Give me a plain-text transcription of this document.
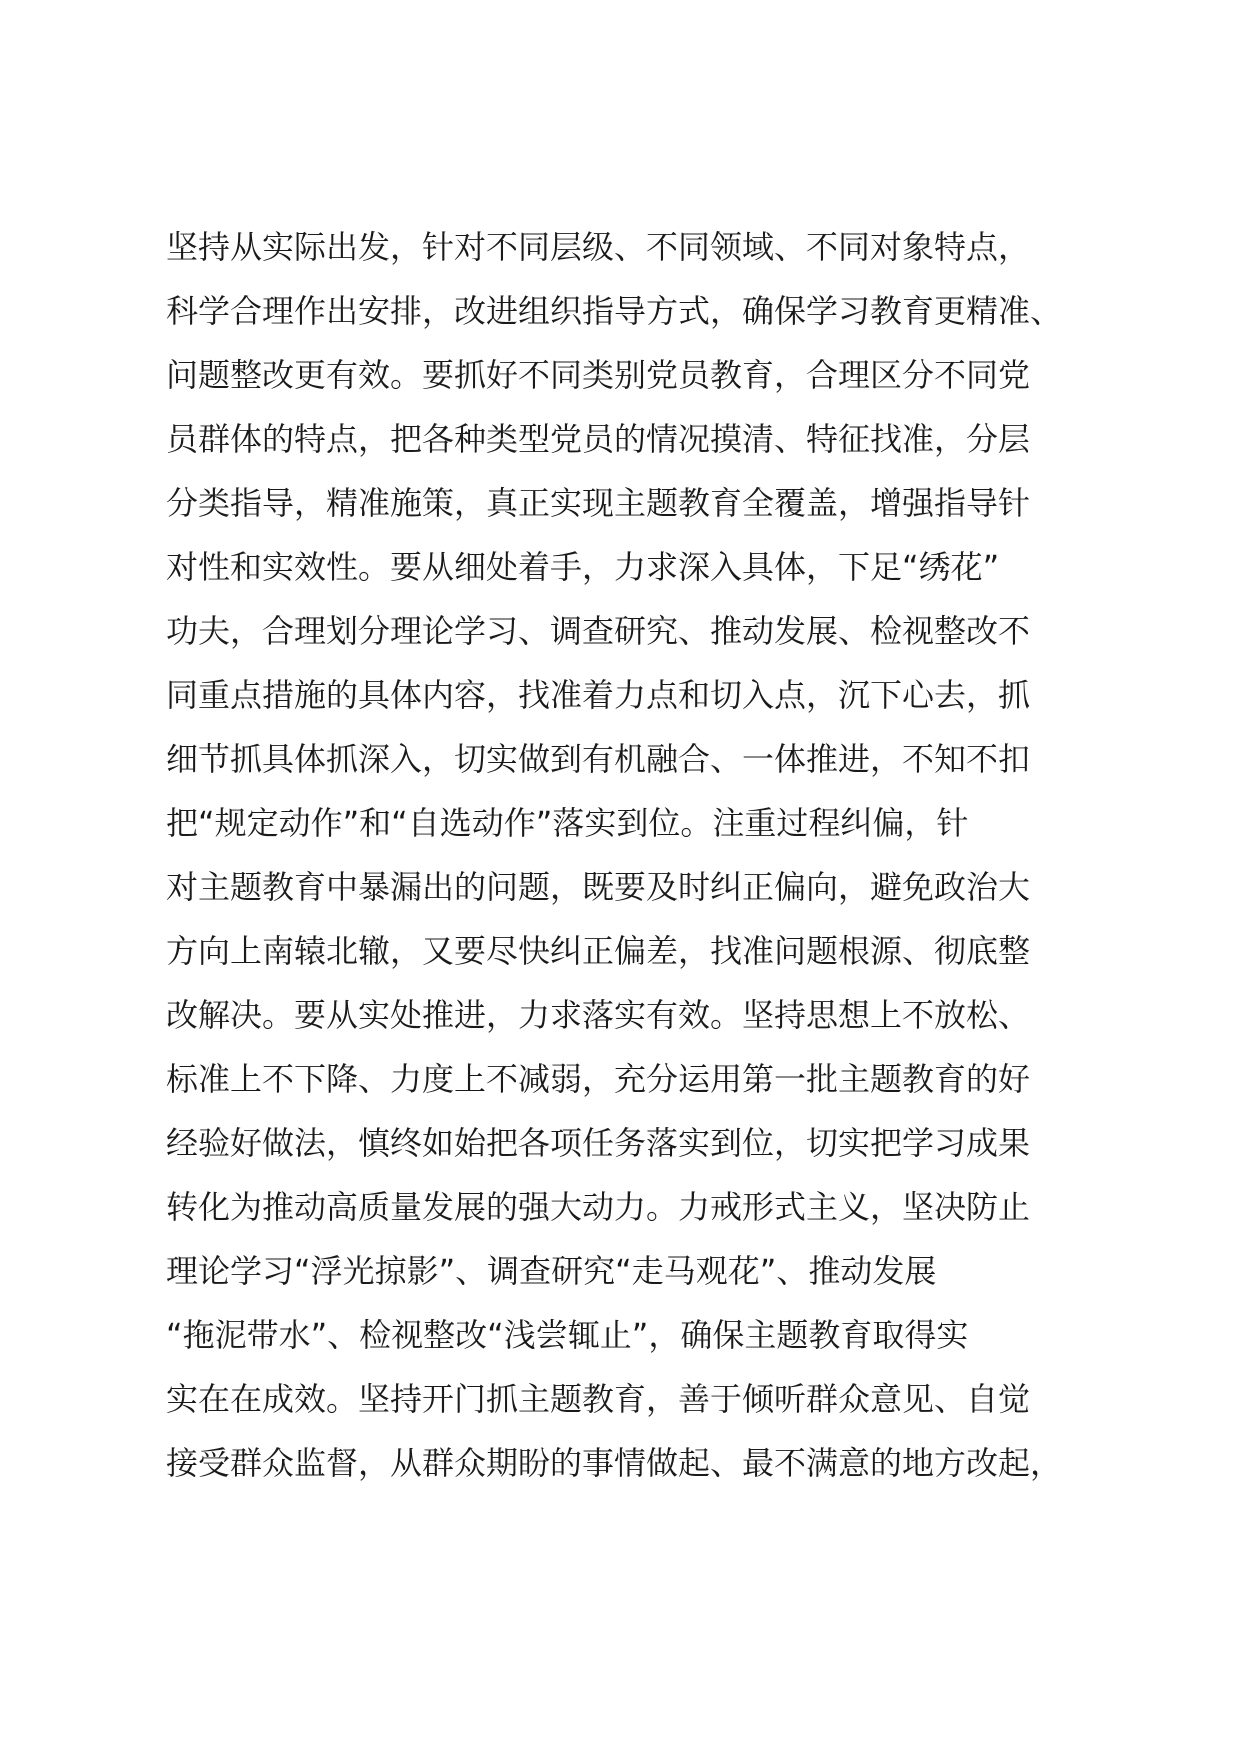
坚持从实际出发，针对不同层级、不同领域、不同对象特点，
科学合理作出安排，改进组织指导方式，确保学习教育更精准、
问题整改更有效。要抓好不同类别党员教育，合理区分不同党
员群体的特点，把各种类型党员的情况摸清、特征找准，分层
分类指导，精准施策，真正实现主题教育全覆盖，增强指导针
对性和实效性。要从细处着手，力求深入具体，下足“绣花”
功夫，合理划分理论学习、调查研究、推动发展、检视整改不
同重点措施的具体内容，找准着力点和切入点，沉下心去，抓
细节抓具体抓深入，切实做到有机融合、一体推进，不知不扣
把“规定动作”和“自选动作”落实到位。注重过程纠偏，针
对主题教育中暴漏出的问题，既要及时纠正偏向，避免政治大
方向上南辕北辙，又要尽快纠正偏差，找准问题根源、彻底整
改解决。要从实处推进，力求落实有效。坚持思想上不放松、
标准上不下降、力度上不减弱，充分运用第一批主题教育的好
经验好做法，慎终如始把各项任务落实到位，切实把学习成果
转化为推动高质量发展的强大动力。力戒形式主义，坚决防止
理论学习“浮光掠影”、调查研究“走马观花”、推动发展
“拖泥带水”、检视整改“浅尝辄止”，确保主题教育取得实
实在在成效。坚持开门抓主题教育，善于倾听群众意见、自觉
接受群众监督，从群众期盼的事情做起、最不满意的地方改起，
